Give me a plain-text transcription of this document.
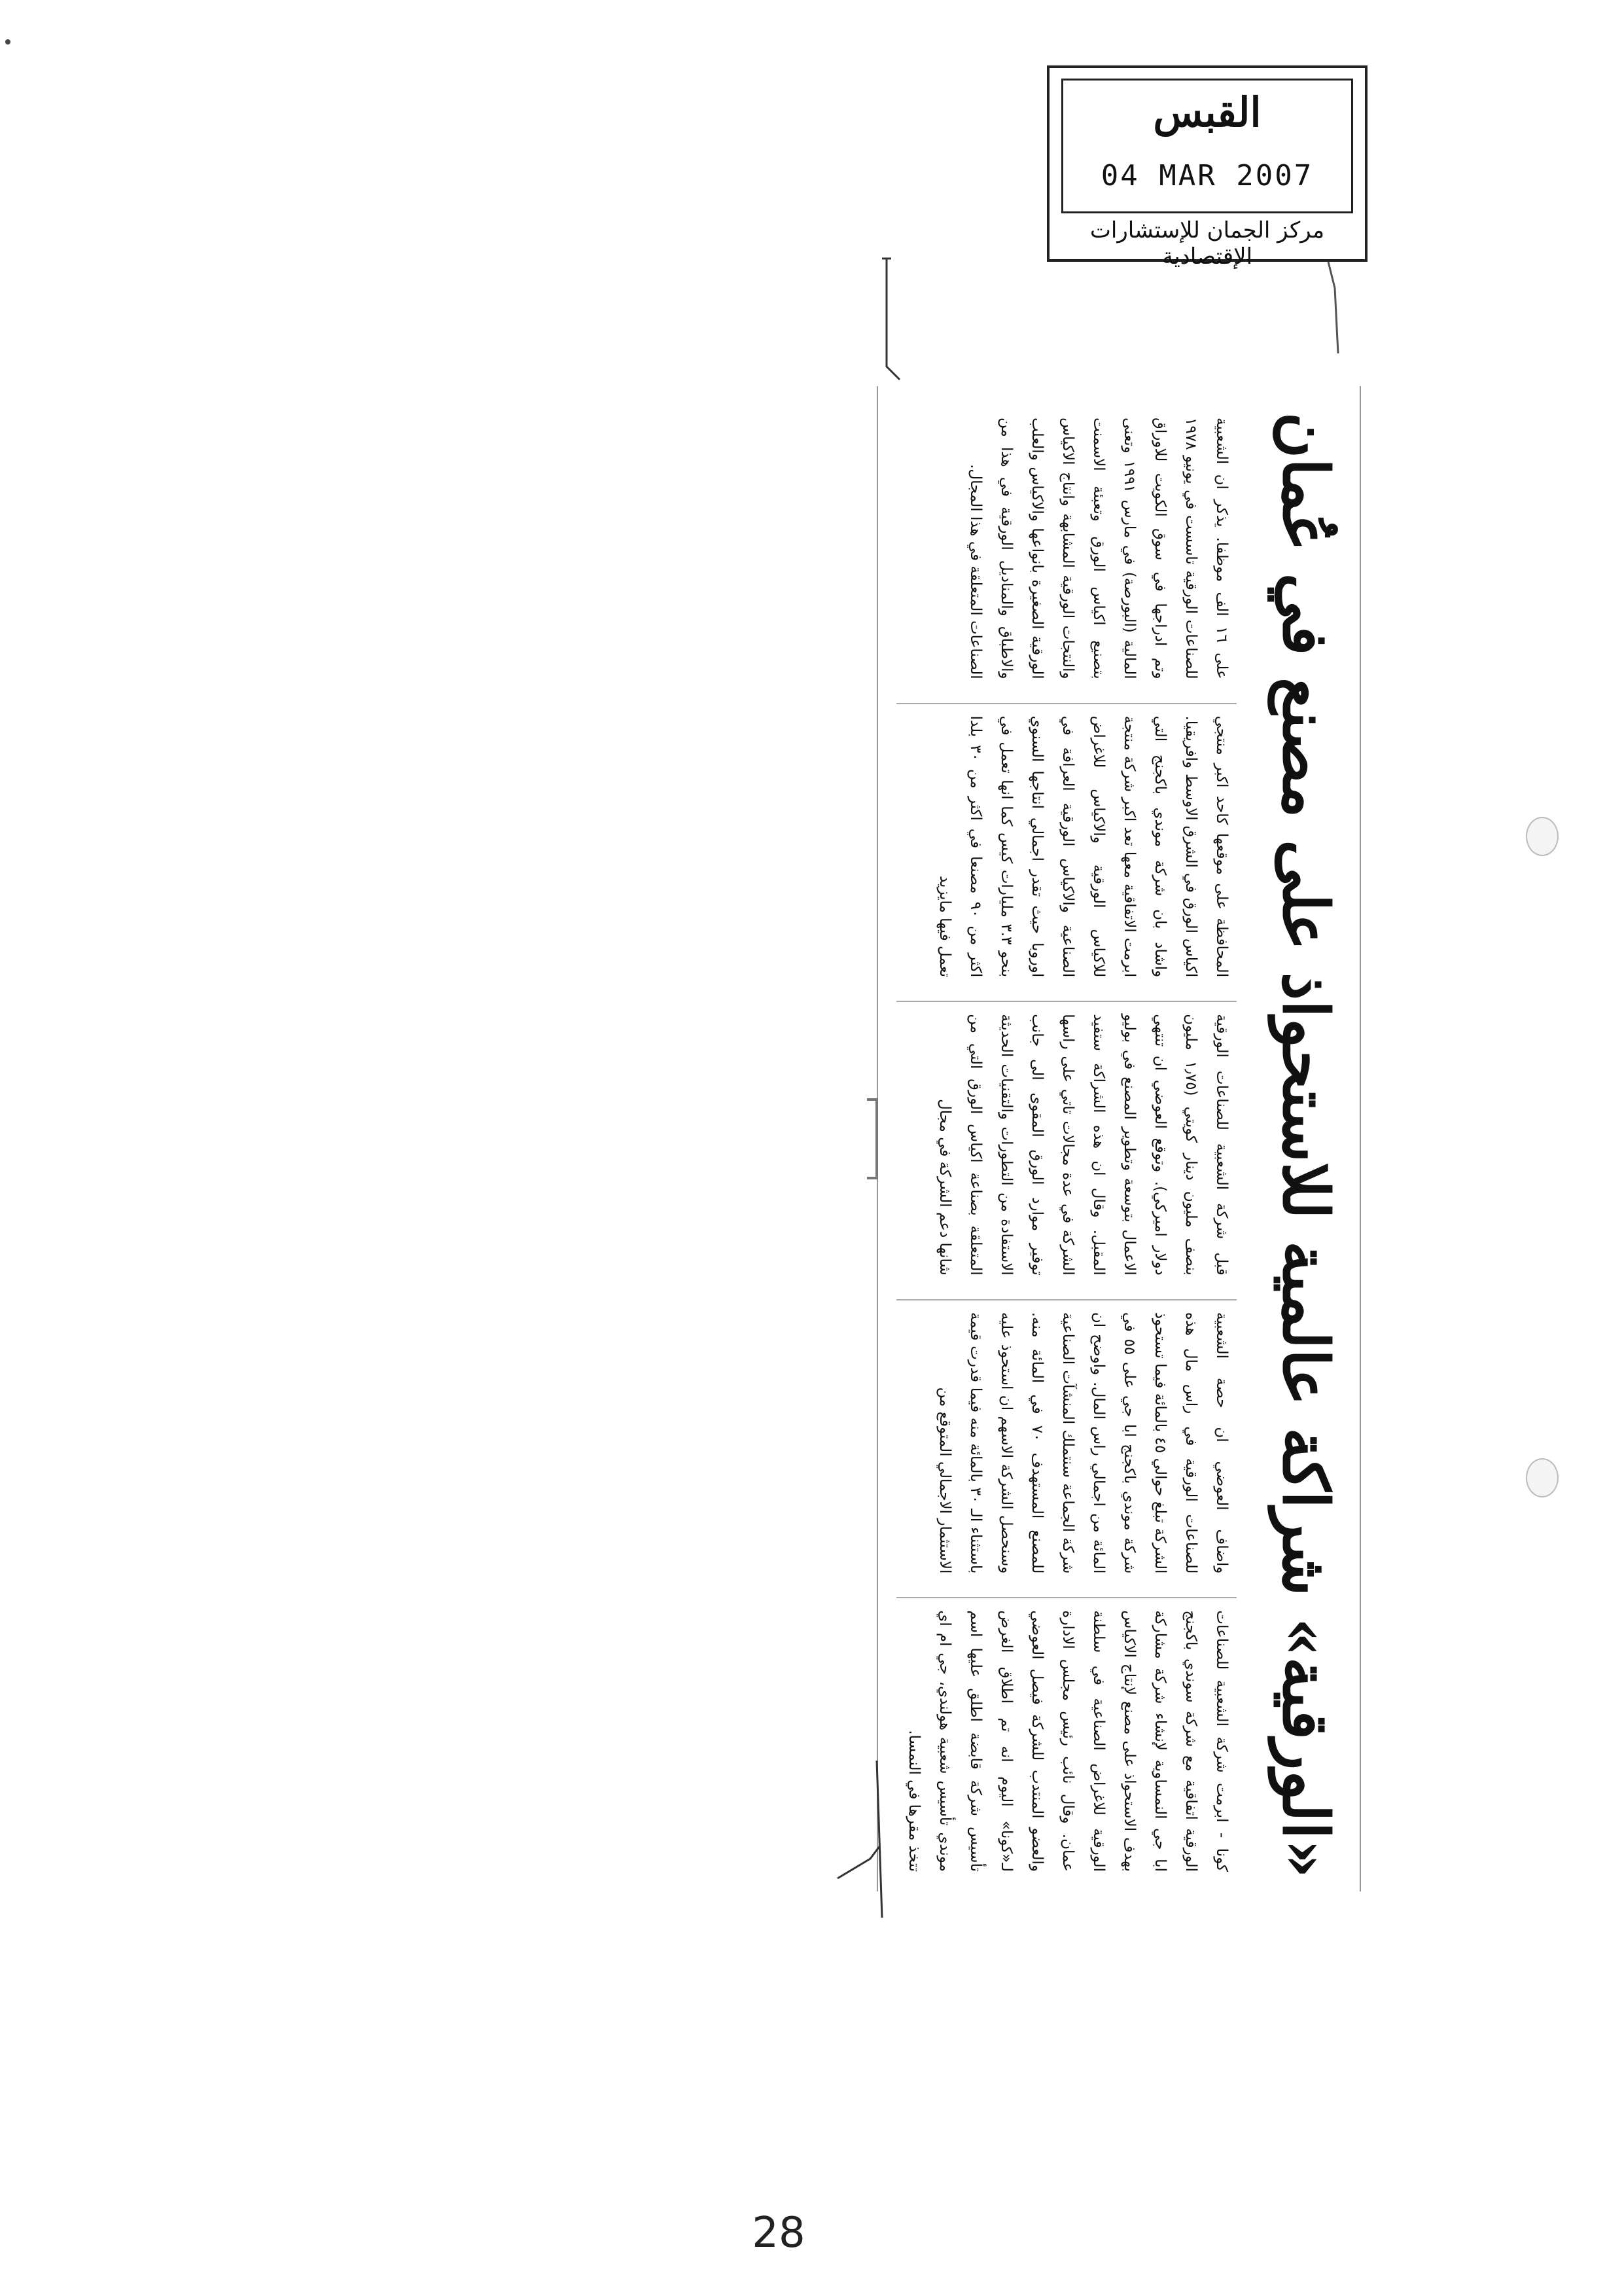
القبس
04 MAR 2007
مركز الجمان للإستشارات الإقتصادية
«الورقية» شراكة عالمية للاستحواذ على مصنع في عُمان

كونا - ابرمت شركة الشعبية للصناعات الورقية اتفاقية مع شركة سوندي باكجنج ابا جي النمساوية لإنشاء شركة مشاركة بهدف الاستحواذ على مصنع لإنتاج الاكياس الورقية للاغراض الصناعية في سلطنة عمان. وقال نائب رئيس مجلس الادارة والعضو المنتدب للشركة فيصل العوضي لـ«كونا» اليوم انه تم اطلاق الغرض تأسيس شركة قابضة اطلق عليها اسم موندي تأسيس شعبية هولندي، جي ام اي تتخذ مقرها في النمسا.

واضاف العوضي ان حصة الشعبية للصناعات الورقية في راس مال هذه الشركة تبلغ حوالي ٤٥ بالمائة فيما تستحوذ شركة موندي باكجنج ابا جي على ٥٥ في المائة من اجمالي راس المال. واوضح ان شركة الجماعة سنتملك المنشآت الصناعية للمصنع المستهدف ٧٠ في المائة منه. وسنحصل الشركة الاسهم ان استحوذ عليه باستثناء الـ ٣٠ بالمائة منه فيما قدرت قيمة الاستثمار الاجمالي المتوقع من

قبل شركة الشعبية للصناعات الورقية بنصف مليون دينار كويتي (١٫٧٥ مليون دولار اميركي). وتوقع العوضي ان تنتهي الاعمال بتوسعة وتطوير المصنع في بوليو المقبل. وقال ان هذه الشراكة ستفيد الشركة في عدة مجالات تاتي على راسها توفير موارد الورق المقوى الى جانب الاستفادة من التطورات والتقنيات الحديثة المتعلقة بصناعة اكياس الورق التي من شانها دعم الشركة في مجال

المحافظة على موقعها كاحد اكبر منتجي اكياس الورق في الشرق الاوسط وافريقيا. واشاد بان شركة موندي باكجنج التي ابرمت الاتفاقية معها تعد اكبر شركة منتجة للاكياس الورقية والاكياس للاغراض الصناعية والاكياس الورقية العرافة في اوروبا حيث تقدر اجمالي انتاجها السنوي بنحو ٣.٣ مليارات كيس كما انها تعمل في اكثر من ٩٠ مصنعا في اكثر من ٣٠ بلدا تعمل فيها مايزيد

على ١٦ الف موظفا. يذكر ان الشعبية للصناعات الورقية تاسست في يونيو ١٩٧٨ وتم ادراجها في سوق الكويت للاوراق المالية (البورصة) في مارس ١٩٩١ وتعنى بتصنيع اكياس الورق وتعبئة الاسمنت والنتجات الورقية المشابهة وانتاج الاكياس الورقية الصغيرة بانواعها والاكياس والعلب والاطباق والمناديل الورقية في هذا من الصناعات المتعلقة في هذا المجال.

28
